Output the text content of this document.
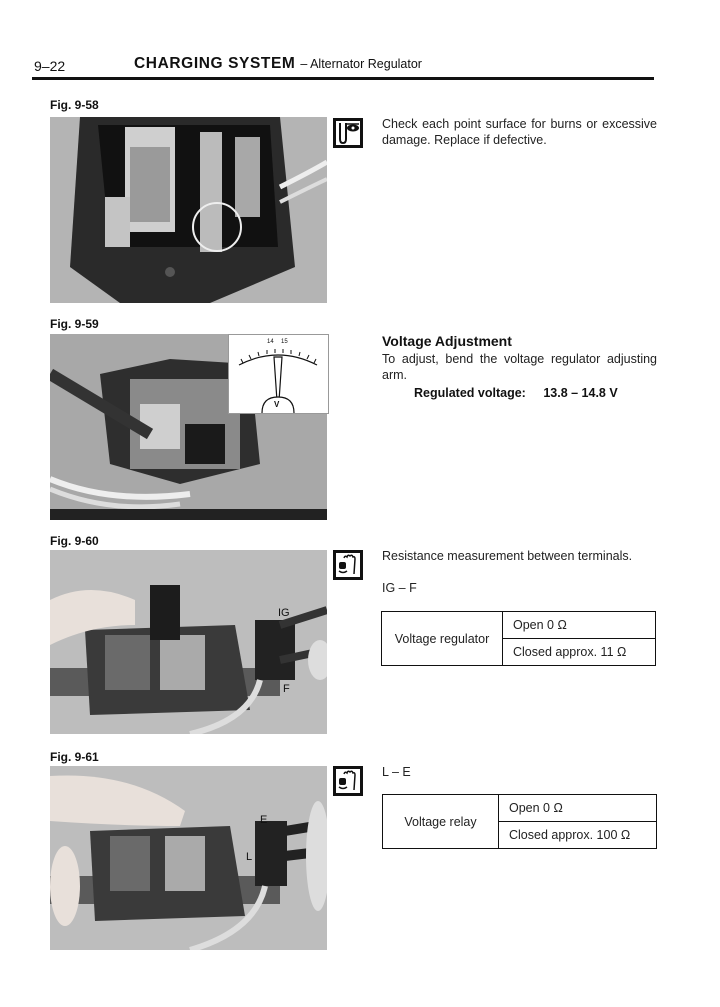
9–22	CHARGING SYSTEM – Alternator Regulator
Fig. 9-58
Check each point surface for burns or excessive damage. Replace if defective.
Fig. 9-59
14 15
V
Voltage Adjustment
To adjust, bend the voltage regulator adjusting arm.
Regulated voltage: 13.8 – 14.8 V
Fig. 9-60
IG
F
Resistance measurement between terminals.
IG – F
Voltage regulator	Open 0 Ω
Closed approx. 11 Ω
Fig. 9-61
E
L
L – E
Voltage relay	Open 0 Ω
Closed approx. 100 Ω
